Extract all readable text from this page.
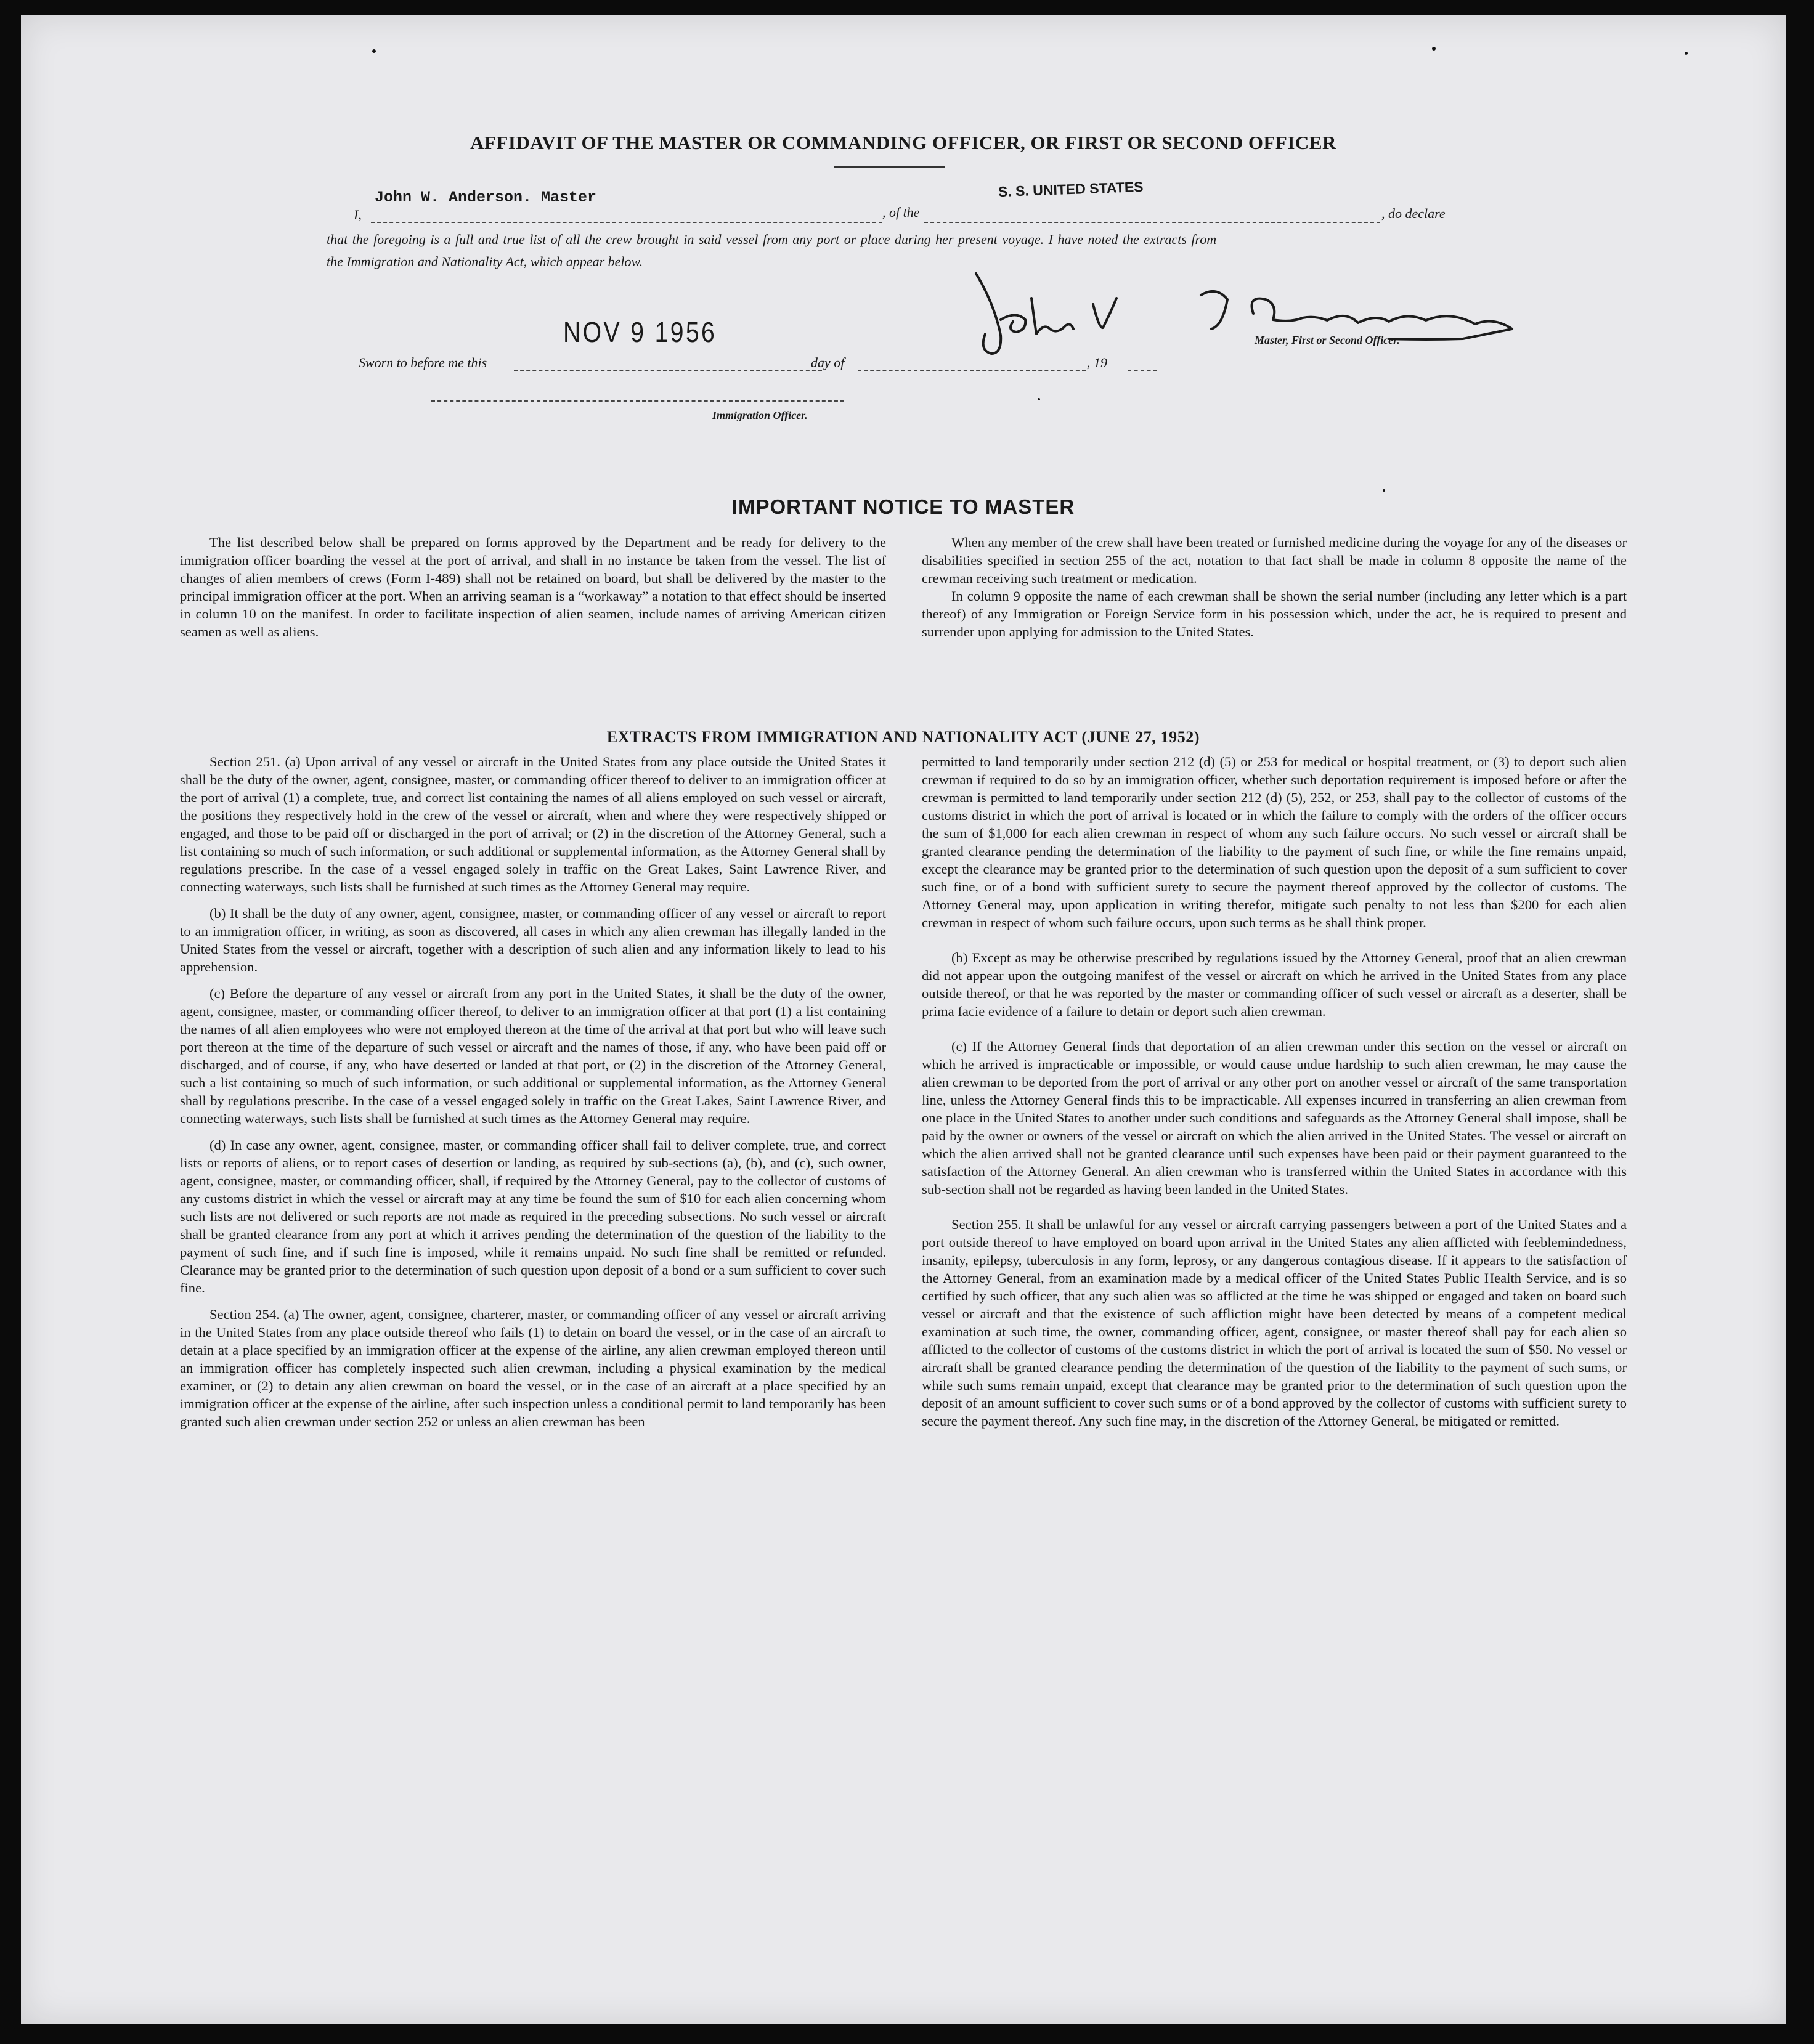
AFFIDAVIT OF THE MASTER OR COMMANDING OFFICER, OR FIRST OR SECOND OFFICER
I,
John W. Anderson. Master
, of the
S. S. UNITED STATES
, do declare
that the foregoing is a full and true list of all the crew brought in said vessel from any port or place during her present voyage. I have noted the extracts from
the Immigration and Nationality Act, which appear below.
Master, First or Second Officer.
NOV 9 1956
Sworn to before me this	day of	, 19
Immigration Officer.
IMPORTANT NOTICE TO MASTER

The list described below shall be prepared on forms approved by the Department and be ready for delivery to the immigration officer boarding the vessel at the port of arrival, and shall in no instance be taken from the vessel. The list of changes of alien members of crews (Form I-489) shall not be retained on board, but shall be delivered by the master to the principal immigration officer at the port. When an arriving seaman is a “workaway” a notation to that effect should be inserted in column 10 on the manifest. In order to facilitate inspection of alien seamen, include names of arriving American citizen seamen as well as aliens.

When any member of the crew shall have been treated or furnished medicine during the voyage for any of the diseases or disabilities specified in section 255 of the act, notation to that fact shall be made in column 8 opposite the name of the crewman receiving such treatment or medication.

In column 9 opposite the name of each crewman shall be shown the serial number (including any letter which is a part thereof) of any Immigration or Foreign Service form in his possession which, under the act, he is required to present and surrender upon applying for admission to the United States.

EXTRACTS FROM IMMIGRATION AND NATIONALITY ACT (JUNE 27, 1952)

Section 251. (a) Upon arrival of any vessel or aircraft in the United States from any place outside the United States it shall be the duty of the owner, agent, consignee, master, or commanding officer thereof to deliver to an immigration officer at the port of arrival (1) a complete, true, and correct list containing the names of all aliens employed on such vessel or aircraft, the positions they respectively hold in the crew of the vessel or aircraft, when and where they were respectively shipped or engaged, and those to be paid off or discharged in the port of arrival; or (2) in the discretion of the Attorney General, such a list containing so much of such information, or such additional or supplemental information, as the Attorney General shall by regulations prescribe. In the case of a vessel engaged solely in traffic on the Great Lakes, Saint Lawrence River, and connecting waterways, such lists shall be furnished at such times as the Attorney General may require.

(b) It shall be the duty of any owner, agent, consignee, master, or commanding officer of any vessel or aircraft to report to an immigration officer, in writing, as soon as discovered, all cases in which any alien crewman has illegally landed in the United States from the vessel or aircraft, together with a description of such alien and any information likely to lead to his apprehension.

(c) Before the departure of any vessel or aircraft from any port in the United States, it shall be the duty of the owner, agent, consignee, master, or commanding officer thereof, to deliver to an immigration officer at that port (1) a list containing the names of all alien employees who were not employed thereon at the time of the arrival at that port but who will leave such port thereon at the time of the departure of such vessel or aircraft and the names of those, if any, who have been paid off or discharged, and of course, if any, who have deserted or landed at that port, or (2) in the discretion of the Attorney General, such a list containing so much of such information, or such additional or supplemental information, as the Attorney General shall by regulations prescribe. In the case of a vessel engaged solely in traffic on the Great Lakes, Saint Lawrence River, and connecting waterways, such lists shall be furnished at such times as the Attorney General may require.

(d) In case any owner, agent, consignee, master, or commanding officer shall fail to deliver complete, true, and correct lists or reports of aliens, or to report cases of desertion or landing, as required by sub-sections (a), (b), and (c), such owner, agent, consignee, master, or commanding officer, shall, if required by the Attorney General, pay to the collector of customs of any customs district in which the vessel or aircraft may at any time be found the sum of $10 for each alien concerning whom such lists are not delivered or such reports are not made as required in the preceding subsections. No such vessel or aircraft shall be granted clearance from any port at which it arrives pending the determination of the question of the liability to the payment of such fine, and if such fine is imposed, while it remains unpaid. No such fine shall be remitted or refunded. Clearance may be granted prior to the determination of such question upon deposit of a bond or a sum sufficient to cover such fine.

Section 254. (a) The owner, agent, consignee, charterer, master, or commanding officer of any vessel or aircraft arriving in the United States from any place outside thereof who fails (1) to detain on board the vessel, or in the case of an aircraft to detain at a place specified by an immigration officer at the expense of the airline, any alien crewman employed thereon until an immigration officer has completely inspected such alien crewman, including a physical examination by the medical examiner, or (2) to detain any alien crewman on board the vessel, or in the case of an aircraft at a place specified by an immigration officer at the expense of the airline, after such inspection unless a conditional permit to land temporarily has been granted such alien crewman under section 252 or unless an alien crewman has been

permitted to land temporarily under section 212 (d) (5) or 253 for medical or hospital treatment, or (3) to deport such alien crewman if required to do so by an immigration officer, whether such deportation requirement is imposed before or after the crewman is permitted to land temporarily under section 212 (d) (5), 252, or 253, shall pay to the collector of customs of the customs district in which the port of arrival is located or in which the failure to comply with the orders of the officer occurs the sum of $1,000 for each alien crewman in respect of whom any such failure occurs. No such vessel or aircraft shall be granted clearance pending the determination of the liability to the payment of such fine, or while the fine remains unpaid, except the clearance may be granted prior to the determination of such question upon the deposit of a sum sufficient to cover such fine, or of a bond with sufficient surety to secure the payment thereof approved by the collector of customs. The Attorney General may, upon application in writing therefor, mitigate such penalty to not less than $200 for each alien crewman in respect of whom such failure occurs, upon such terms as he shall think proper.

(b) Except as may be otherwise prescribed by regulations issued by the Attorney General, proof that an alien crewman did not appear upon the outgoing manifest of the vessel or aircraft on which he arrived in the United States from any place outside thereof, or that he was reported by the master or commanding officer of such vessel or aircraft as a deserter, shall be prima facie evidence of a failure to detain or deport such alien crewman.

(c) If the Attorney General finds that deportation of an alien crewman under this section on the vessel or aircraft on which he arrived is impracticable or impossible, or would cause undue hardship to such alien crewman, he may cause the alien crewman to be deported from the port of arrival or any other port on another vessel or aircraft of the same transportation line, unless the Attorney General finds this to be impracticable. All expenses incurred in transferring an alien crewman from one place in the United States to another under such conditions and safeguards as the Attorney General shall impose, shall be paid by the owner or owners of the vessel or aircraft on which the alien arrived in the United States. The vessel or aircraft on which the alien arrived shall not be granted clearance until such expenses have been paid or their payment guaranteed to the satisfaction of the Attorney General. An alien crewman who is transferred within the United States in accordance with this sub-section shall not be regarded as having been landed in the United States.

Section 255. It shall be unlawful for any vessel or aircraft carrying passengers between a port of the United States and a port outside thereof to have employed on board upon arrival in the United States any alien afflicted with feeblemindedness, insanity, epilepsy, tuberculosis in any form, leprosy, or any dangerous contagious disease. If it appears to the satisfaction of the Attorney General, from an examination made by a medical officer of the United States Public Health Service, and is so certified by such officer, that any such alien was so afflicted at the time he was shipped or engaged and taken on board such vessel or aircraft and that the existence of such affliction might have been detected by means of a competent medical examination at such time, the owner, commanding officer, agent, consignee, or master thereof shall pay for each alien so afflicted to the collector of customs of the customs district in which the port of arrival is located the sum of $50. No vessel or aircraft shall be granted clearance pending the determination of the question of the liability to the payment of such sums, or while such sums remain unpaid, except that clearance may be granted prior to the determination of such question upon the deposit of an amount sufficient to cover such sums or of a bond approved by the collector of customs with sufficient surety to secure the payment thereof. Any such fine may, in the discretion of the Attorney General, be mitigated or remitted.
